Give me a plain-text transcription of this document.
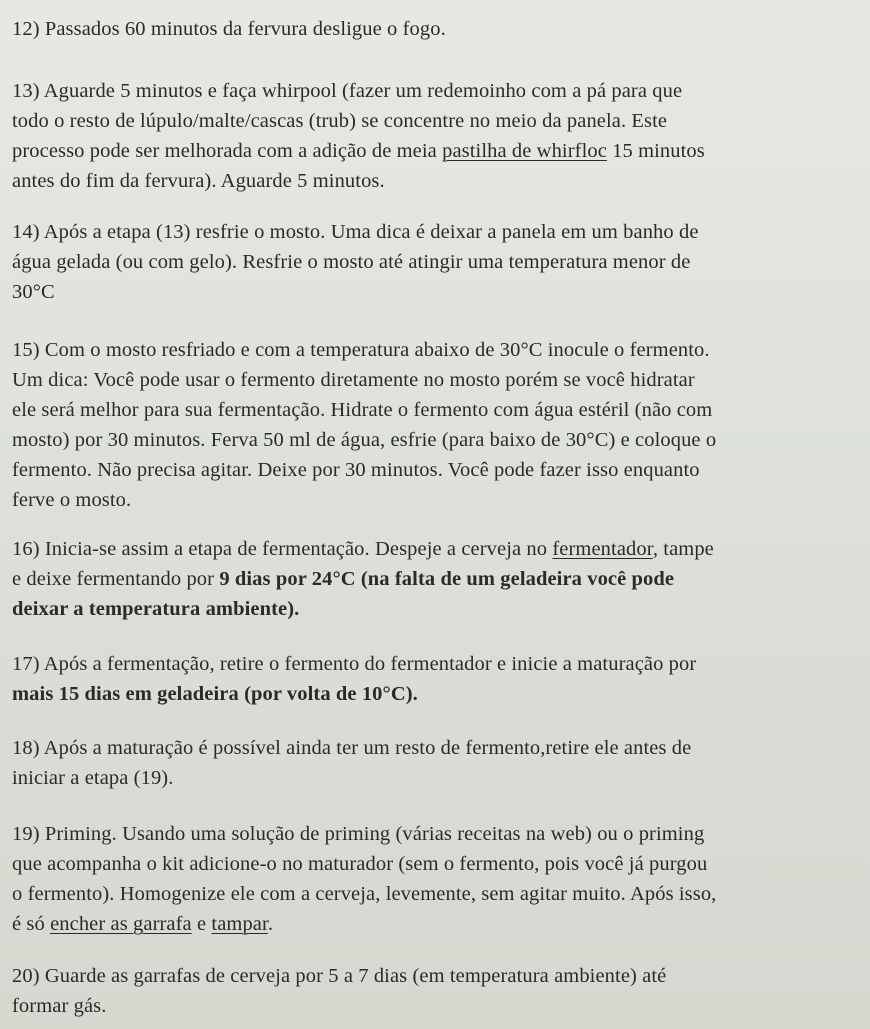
12) Passados 60 minutos da fervura desligue o fogo.
13) Aguarde 5 minutos e faça whirpool (fazer um redemoinho com a pá para que
todo o resto de lúpulo/malte/cascas (trub) se concentre no meio da panela. Este
processo pode ser melhorada com a adição de meia pastilha de whirfloc 15 minutos
antes do fim da fervura). Aguarde 5 minutos.
14) Após a etapa (13) resfrie o mosto. Uma dica é deixar a panela em um banho de
água gelada (ou com gelo). Resfrie o mosto até atingir uma temperatura menor de
30°C
15) Com o mosto resfriado e com a temperatura abaixo de 30°C inocule o fermento.
Um dica: Você pode usar o fermento diretamente no mosto porém se você hidratar
ele será melhor para sua fermentação. Hidrate o fermento com água estéril (não com
mosto) por 30 minutos. Ferva 50 ml de água, esfrie (para baixo de 30°C) e coloque o
fermento. Não precisa agitar. Deixe por 30 minutos. Você pode fazer isso enquanto
ferve o mosto.
16) Inicia-se assim a etapa de fermentação. Despeje a cerveja no fermentador, tampe
e deixe fermentando por 9 dias por 24°C (na falta de um geladeira você pode
deixar a temperatura ambiente).
17) Após a fermentação, retire o fermento do fermentador e inicie a maturação por
mais 15 dias em geladeira (por volta de 10°C).
18) Após a maturação é possível ainda ter um resto de fermento,retire ele antes de
iniciar a etapa (19).
19) Priming. Usando uma solução de priming (várias receitas na web) ou o priming
que acompanha o kit adicione-o no maturador (sem o fermento, pois você já purgou
o fermento). Homogenize ele com a cerveja, levemente, sem agitar muito. Após isso,
é só encher as garrafa e tampar.
20) Guarde as garrafas de cerveja por 5 a 7 dias (em temperatura ambiente) até
formar gás.
